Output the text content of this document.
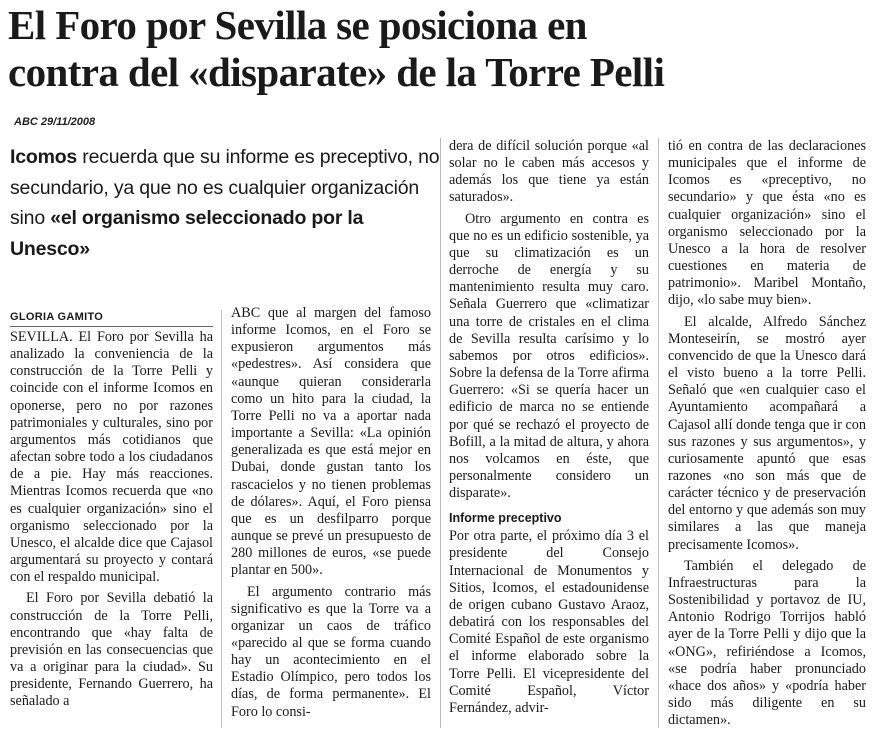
El Foro por Sevilla se posiciona en
contra del «disparate» de la Torre Pelli
ABC 29/11/2008

Icomos recuerda que su informe es preceptivo, no secundario, ya que no es cualquier organización sino «el organismo seleccionado por la Unesco»

GLORIA GAMITO

SEVILLA. El Foro por Sevilla ha analizado la conveniencia de la construcción de la Torre Pelli y coincide con el informe Icomos en oponerse, pero no por razones patrimoniales y culturales, sino por argumentos más cotidianos que afectan sobre todo a los ciudadanos de a pie. Hay más reacciones. Mientras Icomos recuerda que «no es cualquier organización» sino el organismo seleccionado por la Unesco, el alcalde dice que Cajasol argumentará su proyecto y contará con el respaldo municipal.

El Foro por Sevilla debatió la construcción de la Torre Pelli, encontrando que «hay falta de previsión en las consecuencias que va a originar para la ciudad». Su presidente, Fernando Guerrero, ha señalado a

ABC que al margen del famoso informe Icomos, en el Foro se expusieron argumentos más «pedestres». Así considera que «aunque quieran considerarla como un hito para la ciudad, la Torre Pelli no va a aportar nada importante a Sevilla: «La opinión generalizada es que está mejor en Dubai, donde gustan tanto los rascacielos y no tienen problemas de dólares». Aquí, el Foro piensa que es un desfilparro porque aunque se prevé un presupuesto de 280 millones de euros, «se puede plantar en 500».

El argumento contrario más significativo es que la Torre va a organizar un caos de tráfico «parecido al que se forma cuando hay un acontecimiento en el Estadio Olímpico, pero todos los días, de forma permanente». El Foro lo consi-

dera de difícil solución porque «al solar no le caben más accesos y además los que tiene ya están saturados».

Otro argumento en contra es que no es un edificio sostenible, ya que su climatización es un derroche de energía y su mantenimiento resulta muy caro. Señala Guerrero que «climatizar una torre de cristales en el clima de Sevilla resulta carísimo y lo sabemos por otros edificios». Sobre la defensa de la Torre afirma Guerrero: «Si se quería hacer un edificio de marca no se entiende por qué se rechazó el proyecto de Bofill, a la mitad de altura, y ahora nos volcamos en éste, que personalmente considero un disparate».

Informe preceptivo

Por otra parte, el próximo día 3 el presidente del Consejo Internacional de Monumentos y Sitios, Icomos, el estadounidense de origen cubano Gustavo Araoz, debatirá con los responsables del Comité Español de este organismo el informe elaborado sobre la Torre Pelli. El vicepresidente del Comité Español, Víctor Fernández, advir-

tió en contra de las declaraciones municipales que el informe de Icomos es «preceptivo, no secundario» y que ésta «no es cualquier organización» sino el organismo seleccionado por la Unesco a la hora de resolver cuestiones en materia de patrimonio». Maribel Montaño, dijo, «lo sabe muy bien».

El alcalde, Alfredo Sánchez Monteseirín, se mostró ayer convencido de que la Unesco dará el visto bueno a la torre Pelli. Señaló que «en cualquier caso el Ayuntamiento acompañará a Cajasol allí donde tenga que ir con sus razones y sus argumentos», y curiosamente apuntó que esas razones «no son más que de carácter técnico y de preservación del entorno y que además son muy similares a las que maneja precisamente Icomos».

También el delegado de Infraestructuras para la Sostenibilidad y portavoz de IU, Antonio Rodrigo Torrijos habló ayer de la Torre Pelli y dijo que la «ONG», refiriéndose a Icomos, «se podría haber pronunciado «hace dos años» y «podría haber sido más diligente en su dictamen».
